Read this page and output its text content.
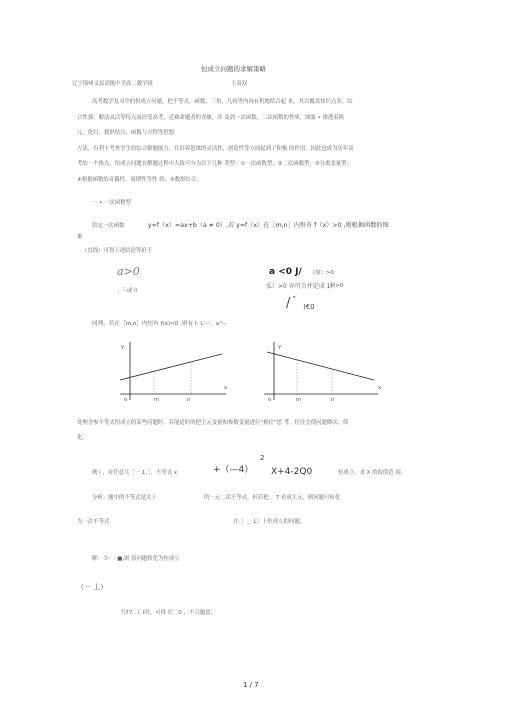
恒成立问题的求解策略
辽宁锦州义县高级中学高二数学组	王双双
高考数学复习中的恒成立问题，把不等式，函数，三角，几何等内容有机地结合起 来，其以覆盖知识点多，综
合性强，解法灵活等特点而倍受高考，竞赛命题者的青睐，涉 及到一次函数，二次函数的性质，图象 • 渗透着换
元，化归，数形结合，函数与方程等思想
方法，有利于考查学生的综合解题能力，在培养思维的灵活性，创造性等方面起到了积极 的作用。因此也成为历年高
考的一个热点，恒成立问题在解题过程中大致可分为以下几种 类型：①一次函数型；②二次函数型；③分离变量型；
④根据函数的奇偶性，周期性等性 质；⑤数形结合。
一 • 一次函数型
给定一次函数	y=f（x）=ax+b（a ≠ 0）,若 y=f（x）在［m,n］内恒有 f（x）>0 ,则根据函数的图
象
（直线）可得上述结论等价于
a>0
；「-或 ii
a <0 J/ (加）>0
弘）>0 亦可合并定成 1/
何>0
/ ”
)€0
同理，若在［m,n］内恒有 f(x)<0 ,则有 I- L'--'.. a"--
y
x
o	m	n
y
x
o	m	n
处理含参不等式恒成立的某些问题时，若能适时的把主元变量和参数变量进行“换位”思 考，往往会使问题降次，简
化。
2
例 i ，对任意兀［一 1，］，不等式 x	+（—4） X+4-2Q0	恒成立，求 X 的取值范 围。
分析：题中的不等式是关于	的一元二次不等式，但若把 ．7 看成主元，则问题可转化
为一次不等式	在：］＿ L］上恒成立的问题。
解：令：- ■,则 原问题转化为恒成立
（一 丄）
当77..工 I时，可得 壮二0 ，不合题意，
1 / 7
